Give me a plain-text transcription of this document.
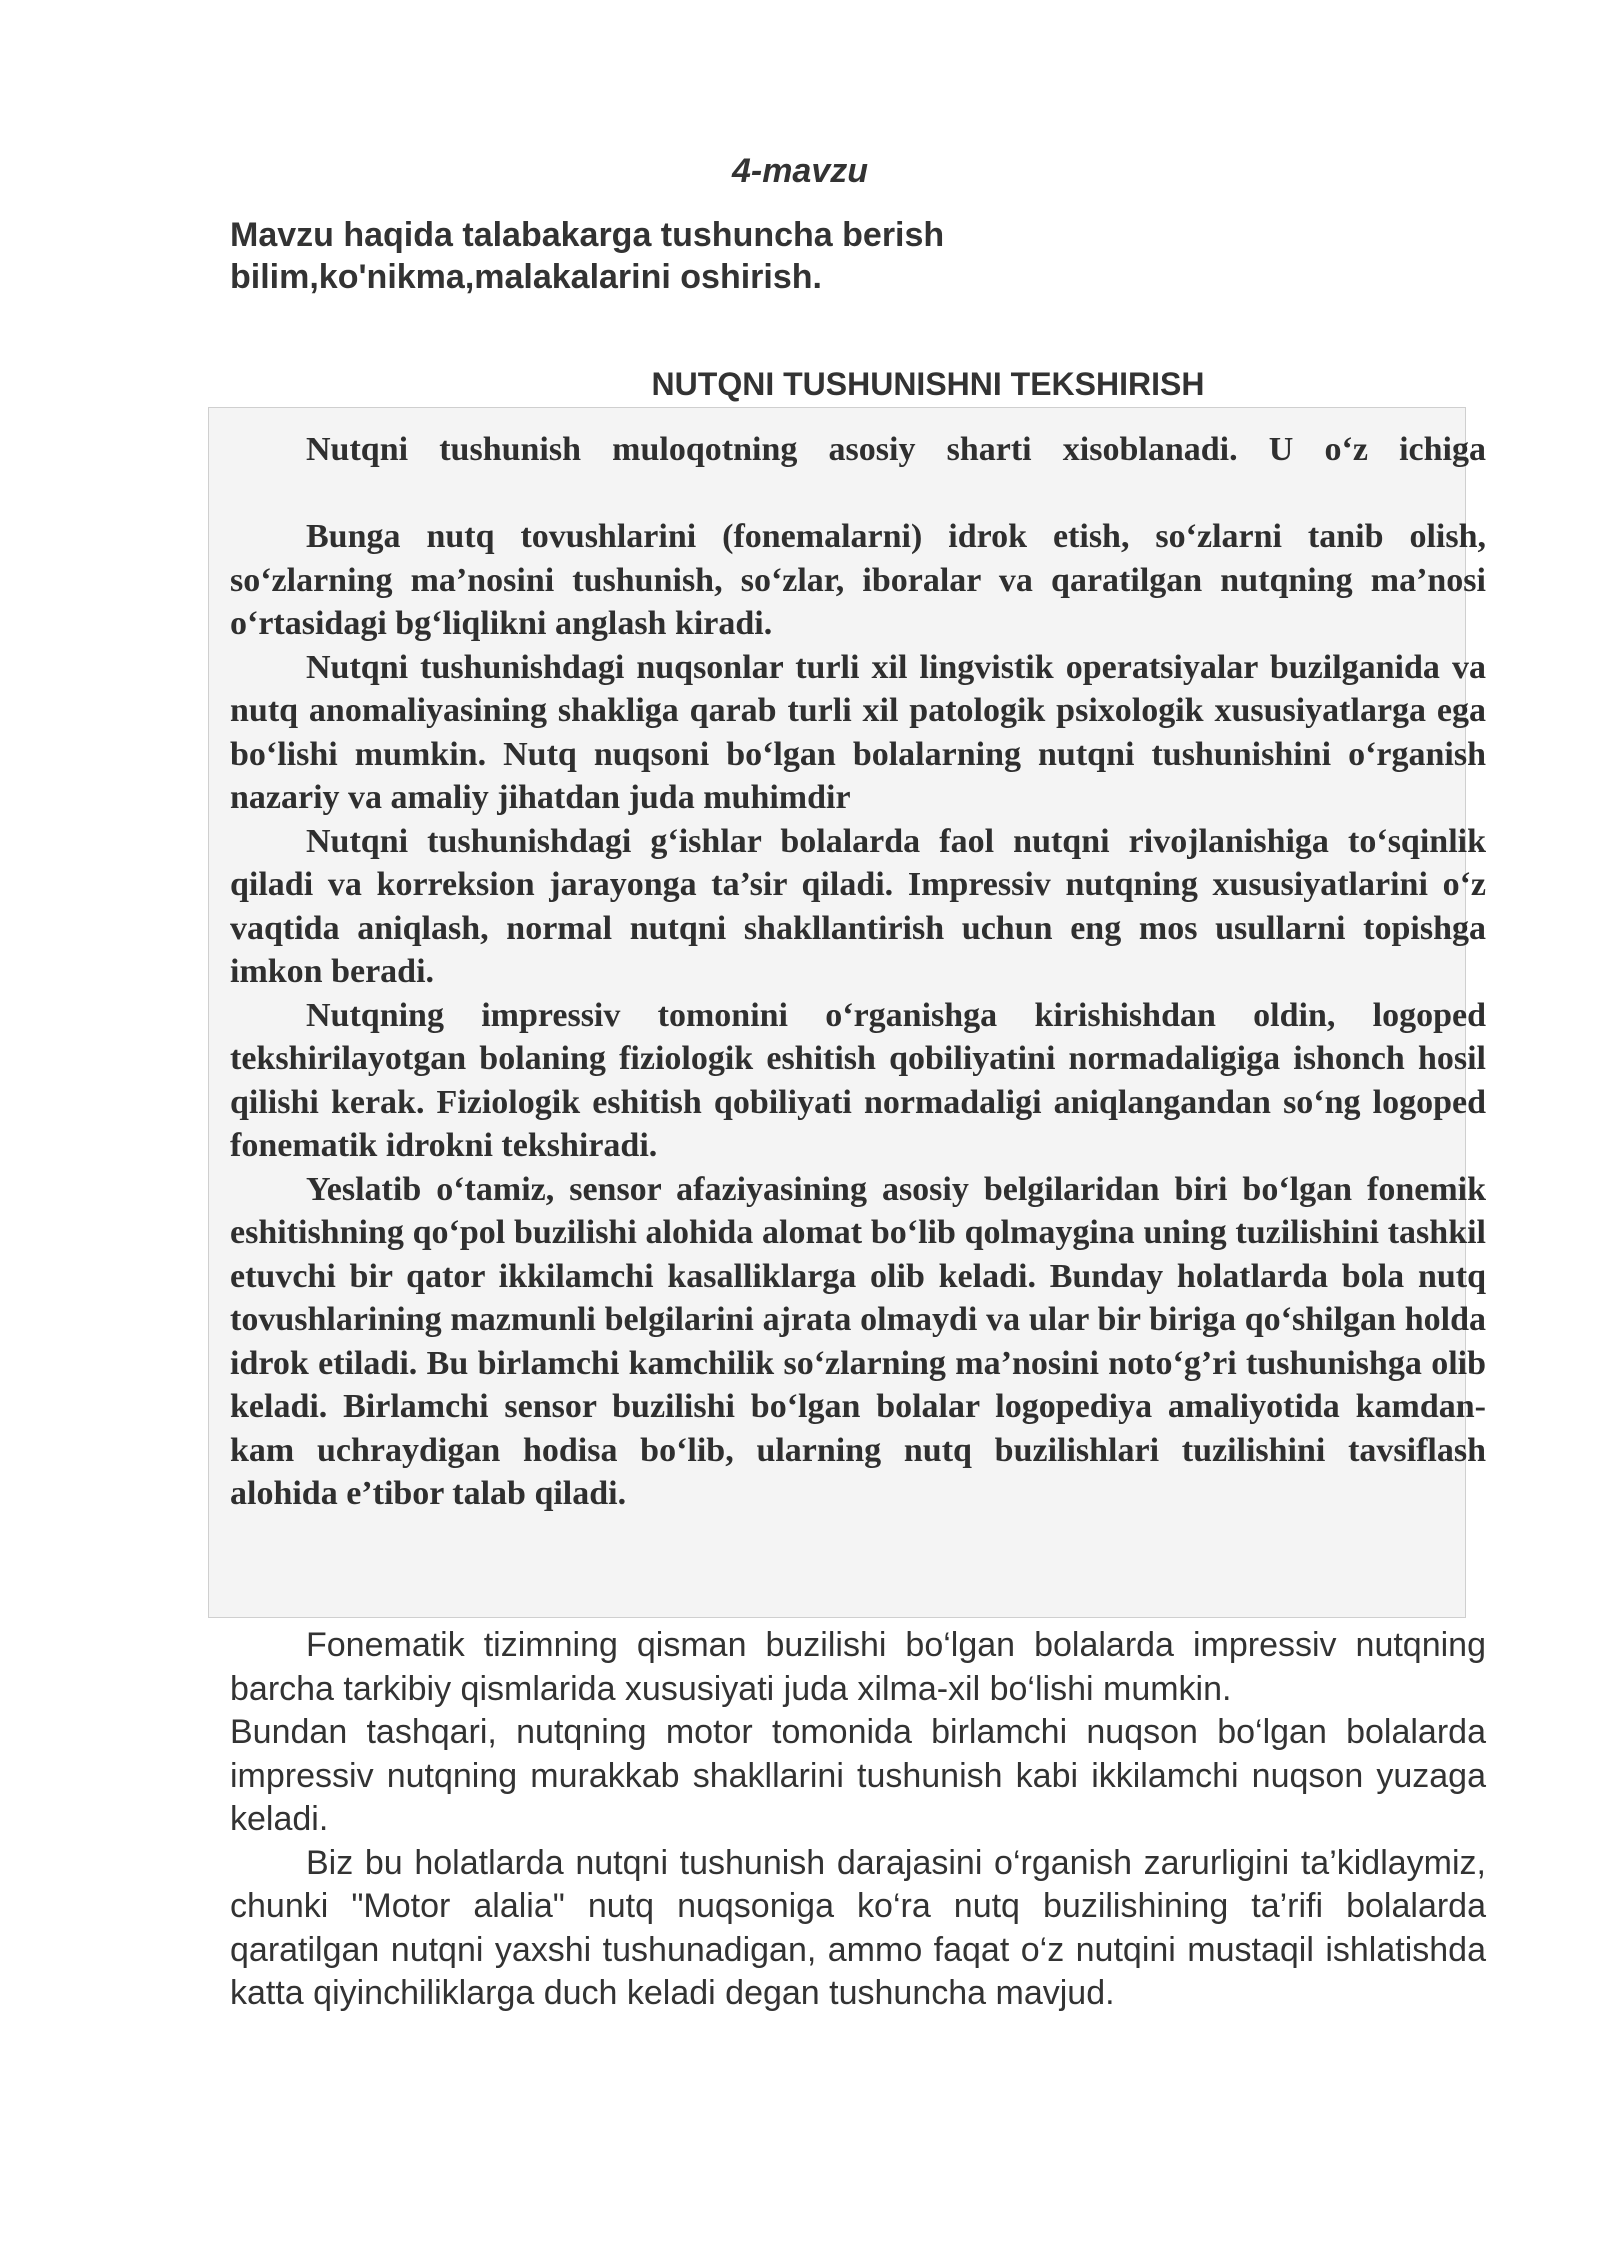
4-mavzu
Mavzu haqida talabakarga tushuncha berish
bilim,ko'nikma,malakalarini oshirish.
NUTQNI TUSHUNISHNI TEKSHIRISH

Nutqni tushunish muloqotning asosiy sharti xisoblanadi. U o‘z ichiga

Bunga nutq tovushlarini (fonemalarni) idrok etish, so‘zlarni tanib olish, so‘zlarning ma’nosini tushunish, so‘zlar, iboralar va qaratilgan nutqning ma’nosi o‘rtasidagi bg‘liqlikni anglash kiradi.

Nutqni tushunishdagi nuqsonlar turli xil lingvistik operatsiyalar buzilganida va nutq anomaliyasining shakliga qarab turli xil patologik psixologik xususiyatlarga ega bo‘lishi mumkin. Nutq nuqsoni bo‘lgan bolalarning nutqni tushunishini o‘rganish nazariy va amaliy jihatdan juda muhimdir

Nutqni tushunishdagi g‘ishlar bolalarda faol nutqni rivojlanishiga to‘sqinlik qiladi va korreksion jarayonga ta’sir qiladi. Impressiv nutqning xususiyatlarini o‘z vaqtida aniqlash, normal nutqni shakllantirish uchun eng mos usullarni topishga imkon beradi.

Nutqning impressiv tomonini o‘rganishga kirishishdan oldin, logoped tekshirilayotgan bolaning fiziologik eshitish qobiliyatini normadaligiga ishonch hosil qilishi kerak. Fiziologik eshitish qobiliyati normadaligi aniqlangandan so‘ng logoped fonematik idrokni tekshiradi.

Yeslatib o‘tamiz, sensor afaziyasining asosiy belgilaridan biri bo‘lgan fonemik eshitishning qo‘pol buzilishi alohida alomat bo‘lib qolmaygina uning tuzilishini tashkil etuvchi bir qator ikkilamchi kasalliklarga olib keladi. Bunday holatlarda bola nutq tovushlarining mazmunli belgilarini ajrata olmaydi va ular bir biriga qo‘shilgan holda idrok etiladi. Bu birlamchi kamchilik so‘zlarning ma’nosini noto‘g’ri tushunishga olib keladi. Birlamchi sensor buzilishi bo‘lgan bolalar logopediya amaliyotida kamdan-kam uchraydigan hodisa bo‘lib, ularning nutq buzilishlari tuzilishini tavsiflash alohida e’tibor talab qiladi.

Fonematik tizimning qisman buzilishi bo‘lgan bolalarda impressiv nutqning barcha tarkibiy qismlarida xususiyati juda xilma-xil bo‘lishi mumkin.

Bundan tashqari, nutqning motor tomonida birlamchi nuqson bo‘lgan bolalarda impressiv nutqning murakkab shakllarini tushunish kabi ikkilamchi nuqson yuzaga keladi.

Biz bu holatlarda nutqni tushunish darajasini o‘rganish zarurligini ta’kidlaymiz, chunki "Motor alalia" nutq nuqsoniga ko‘ra nutq buzilishining ta’rifi bolalarda qaratilgan nutqni yaxshi tushunadigan, ammo faqat o‘z nutqini mustaqil ishlatishda katta qiyinchiliklarga duch keladi degan tushuncha mavjud.
